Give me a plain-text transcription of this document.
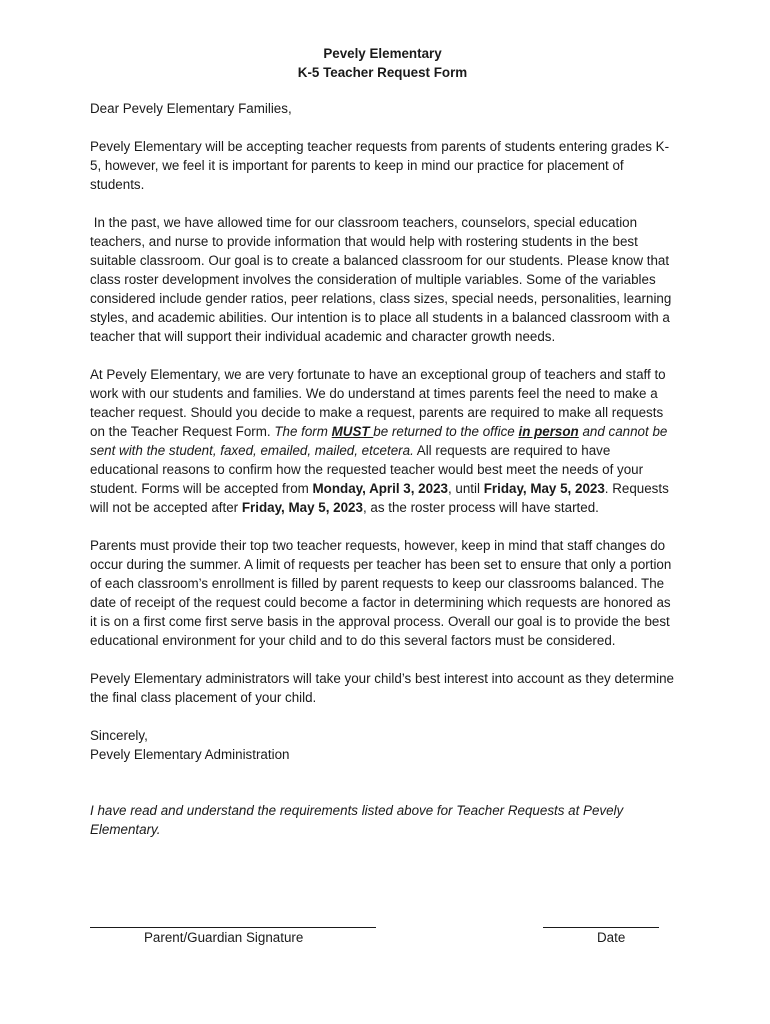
Pevely Elementary

K-5 Teacher Request Form

Dear Pevely Elementary Families,

Pevely Elementary will be accepting teacher requests from parents of students entering grades K-5, however, we feel it is important for parents to keep in mind our practice for placement of students.

In the past, we have allowed time for our classroom teachers, counselors, special education teachers, and nurse to provide information that would help with rostering students in the best suitable classroom. Our goal is to create a balanced classroom for our students. Please know that class roster development involves the consideration of multiple variables. Some of the variables considered include gender ratios, peer relations, class sizes, special needs, personalities, learning styles, and academic abilities. Our intention is to place all students in a balanced classroom with a teacher that will support their individual academic and character growth needs.

At Pevely Elementary, we are very fortunate to have an exceptional group of teachers and staff to work with our students and families. We do understand at times parents feel the need to make a teacher request. Should you decide to make a request, parents are required to make all requests on the Teacher Request Form. The form MUST be returned to the office in person and cannot be sent with the student, faxed, emailed, mailed, etcetera. All requests are required to have educational reasons to confirm how the requested teacher would best meet the needs of your student. Forms will be accepted from Monday, April 3, 2023, until Friday, May 5, 2023. Requests will not be accepted after Friday, May 5, 2023, as the roster process will have started.

Parents must provide their top two teacher requests, however, keep in mind that staff changes do occur during the summer. A limit of requests per teacher has been set to ensure that only a portion of each classroom’s enrollment is filled by parent requests to keep our classrooms balanced. The date of receipt of the request could become a factor in determining which requests are honored as it is on a first come first serve basis in the approval process. Overall our goal is to provide the best educational environment for your child and to do this several factors must be considered.

Pevely Elementary administrators will take your child’s best interest into account as they determine the final class placement of your child.

Sincerely,

Pevely Elementary Administration

I have read and understand the requirements listed above for Teacher Requests at Pevely Elementary.

Parent/Guardian Signature	Date
